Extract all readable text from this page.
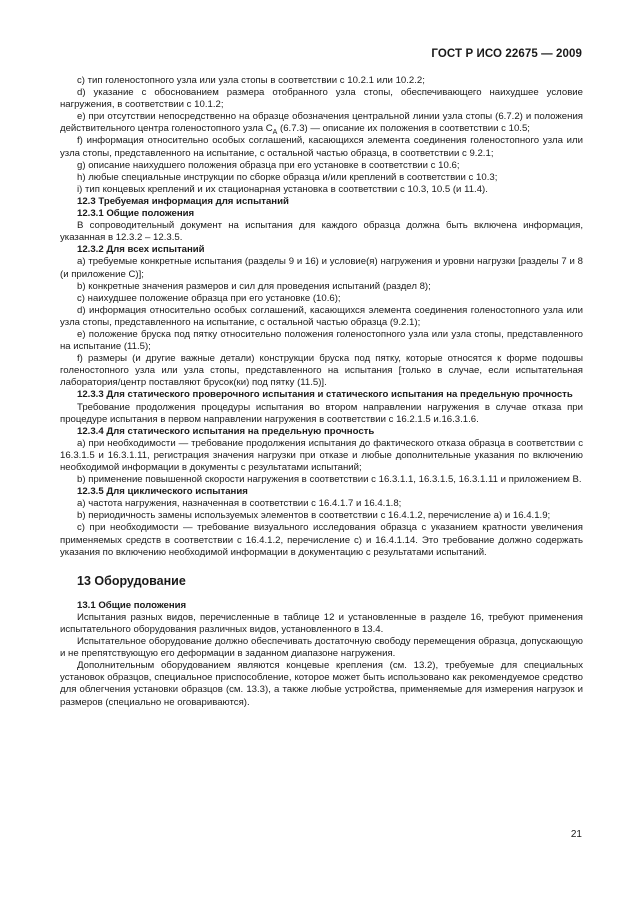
ГОСТ Р ИСО 22675 — 2009

c) тип голеностопного узла или узла стопы в соответствии с 10.2.1 или 10.2.2;

d) указание с обоснованием размера отобранного узла стопы, обеспечивающего наихудшее условие нагружения, в соответствии с 10.1.2;

e) при отсутствии непосредственно на образце обозначения центральной линии узла стопы (6.7.2) и положения действительного центра голеностопного узла $C_A$ (6.7.3) — описание их положения в соответствии с 10.5;

f) информация относительно особых соглашений, касающихся элемента соединения голеностопного узла или узла стопы, представленного на испытание, с остальной частью образца, в соответствии с 9.2.1;

g) описание наихудшего положения образца при его установке в соответствии с 10.6;

h) любые специальные инструкции по сборке образца и/или креплений в соответствии с 10.3;

i) тип концевых креплений и их стационарная установка в соответствии с 10.3, 10.5 (и 11.4).

12.3 Требуемая информация для испытаний

12.3.1 Общие положения

В сопроводительный документ на испытания для каждого образца должна быть включена информация, указанная в 12.3.2 – 12.3.5.

12.3.2 Для всех испытаний

a) требуемые конкретные испытания (разделы 9 и 16) и условие(я) нагружения и уровни нагрузки [разделы 7 и 8 (и приложение С)];

b) конкретные значения размеров и сил для проведения испытаний (раздел 8);

c) наихудшее положение образца при его установке (10.6);

d) информация относительно особых соглашений, касающихся элемента соединения голеностопного узла или узла стопы, представленного на испытание, с остальной частью образца (9.2.1);

e) положение бруска под пятку относительно положения голеностопного узла или узла стопы, представленного на испытание (11.5);

f) размеры (и другие важные детали) конструкции бруска под пятку, которые относятся к форме подошвы голеностопного узла или узла стопы, представленного на испытания [только в случае, если испытательная лаборатория/центр поставляют брусок(ки) под пятку (11.5)].

12.3.3 Для статического проверочного испытания и статического испытания на предельную прочность

Требование продолжения процедуры испытания во втором направлении нагружения в случае отказа при процедуре испытания в первом направлении нагружения в соответствии с 16.2.1.5 и.16.3.1.6.

12.3.4 Для статического испытания на предельную прочность

a) при необходимости — требование продолжения испытания до фактического отказа образца в соответствии с 16.3.1.5 и 16.3.1.11, регистрация значения нагрузки при отказе и любые дополнительные указания по включению необходимой информации в документы с результатами испытаний;

b) применение повышенной скорости нагружения в соответствии с 16.3.1.1, 16.3.1.5, 16.3.1.11 и приложением В.

12.3.5 Для циклического испытания

a) частота нагружения, назначенная в соответствии с 16.4.1.7 и 16.4.1.8;

b) периодичность замены используемых элементов в соответствии с 16.4.1.2, перечисление a) и 16.4.1.9;

c) при необходимости — требование визуального исследования образца с указанием кратности увеличения применяемых средств в соответствии с 16.4.1.2, перечисление c) и 16.4.1.14. Это требование должно содержать указания по включению необходимой информации в документацию с результатами испытаний.

13 Оборудование

13.1 Общие положения

Испытания разных видов, перечисленные в таблице 12 и установленные в разделе 16, требуют применения испытательного оборудования различных видов, установленного в 13.4.

Испытательное оборудование должно обеспечивать достаточную свободу перемещения образца, допускающую и не препятствующую его деформации в заданном диапазоне нагружения.

Дополнительным оборудованием являются концевые крепления (см. 13.2), требуемые для специальных установок образцов, специальное приспособление, которое может быть использовано как рекомендуемое средство для облегчения установки образцов (см. 13.3), а также любые устройства, применяемые для измерения нагрузок и размеров (специально не оговариваются).

21
